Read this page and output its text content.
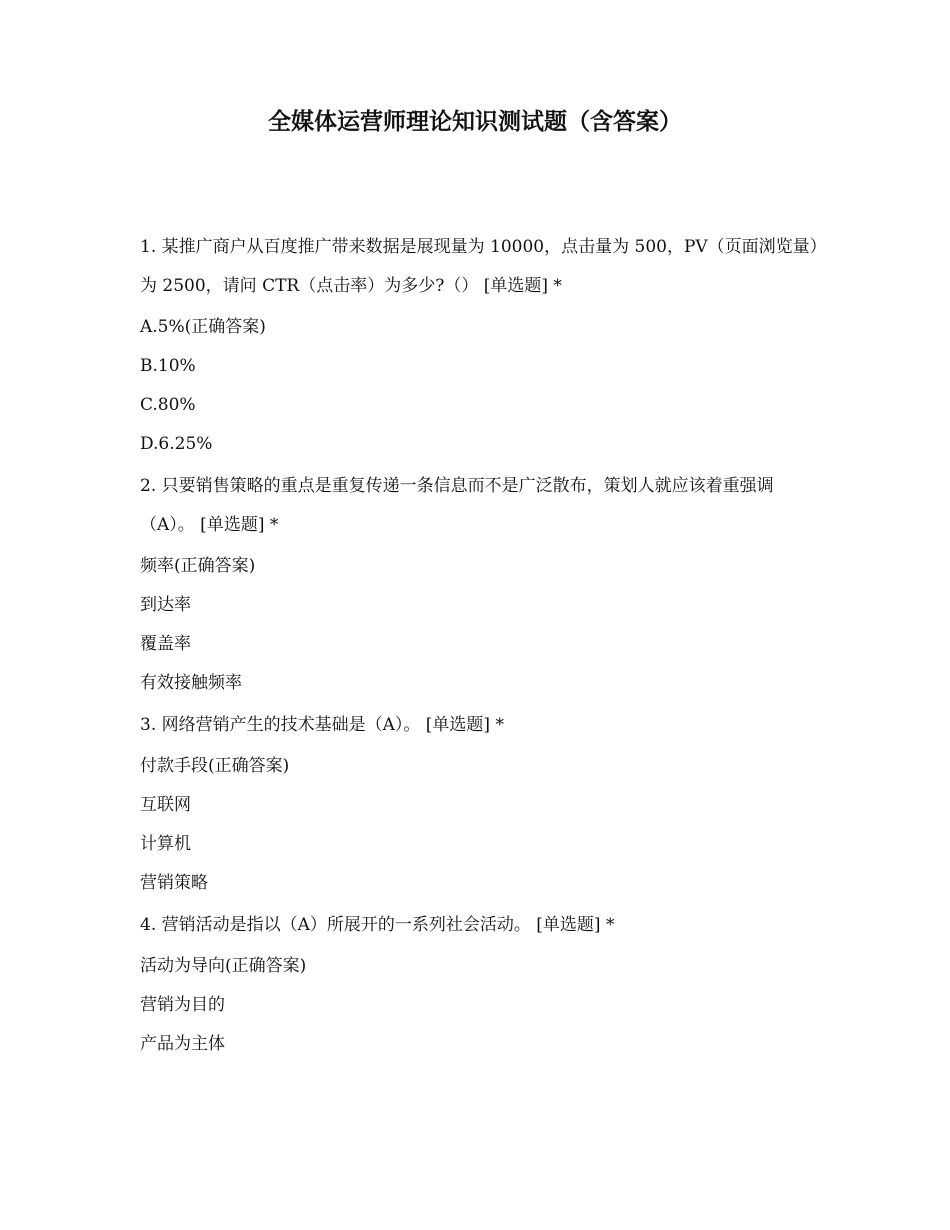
全媒体运营师理论知识测试题（含答案）

1. 某推广商户从百度推广带来数据是展现量为 10000，点击量为 500，PV（页面浏览量）为 2500，请问 CTR（点击率）为多少?（） [单选题] *

A.5%(正确答案)

B.10%

C.80%

D.6.25%

2. 只要销售策略的重点是重复传递一条信息而不是广泛散布，策划人就应该着重强调（A）。 [单选题] *

频率(正确答案)

到达率

覆盖率

有效接触频率

3. 网络营销产生的技术基础是（A）。 [单选题] *

付款手段(正确答案)

互联网

计算机

营销策略

4. 营销活动是指以（A）所展开的一系列社会活动。 [单选题] *

活动为导向(正确答案)

营销为目的

产品为主体
